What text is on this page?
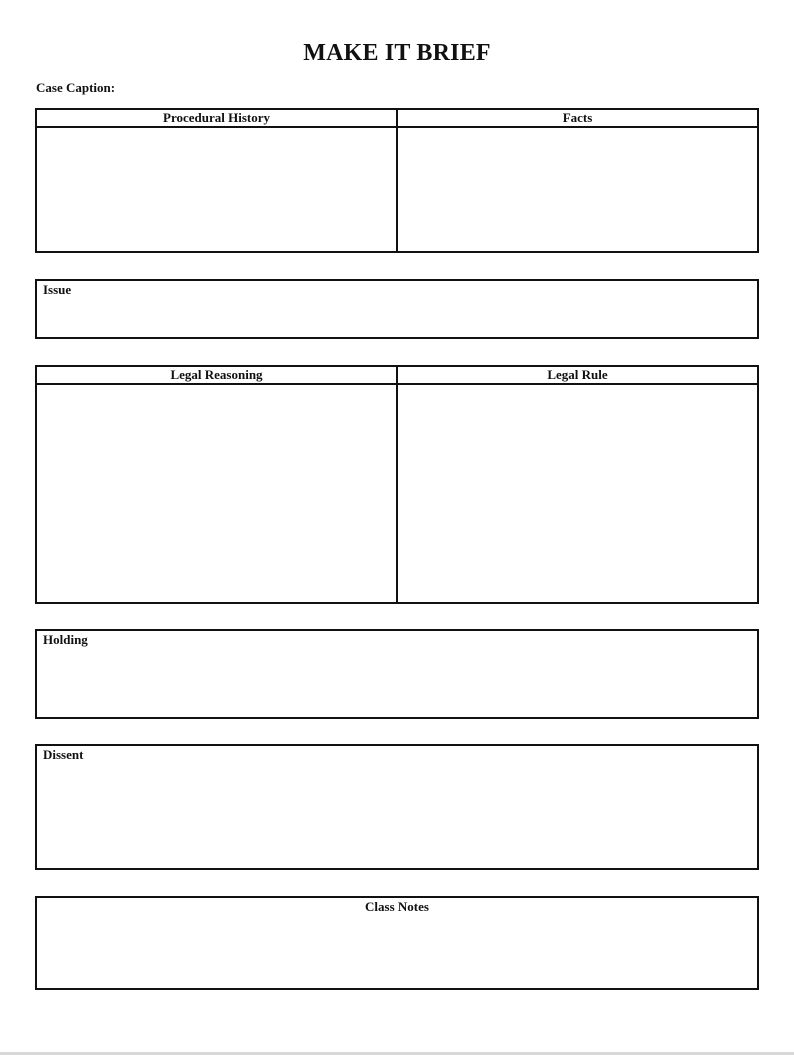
MAKE IT BRIEF
Case Caption:
Procedural History	Facts
Issue
Legal Reasoning	Legal Rule
Holding
Dissent
Class Notes
